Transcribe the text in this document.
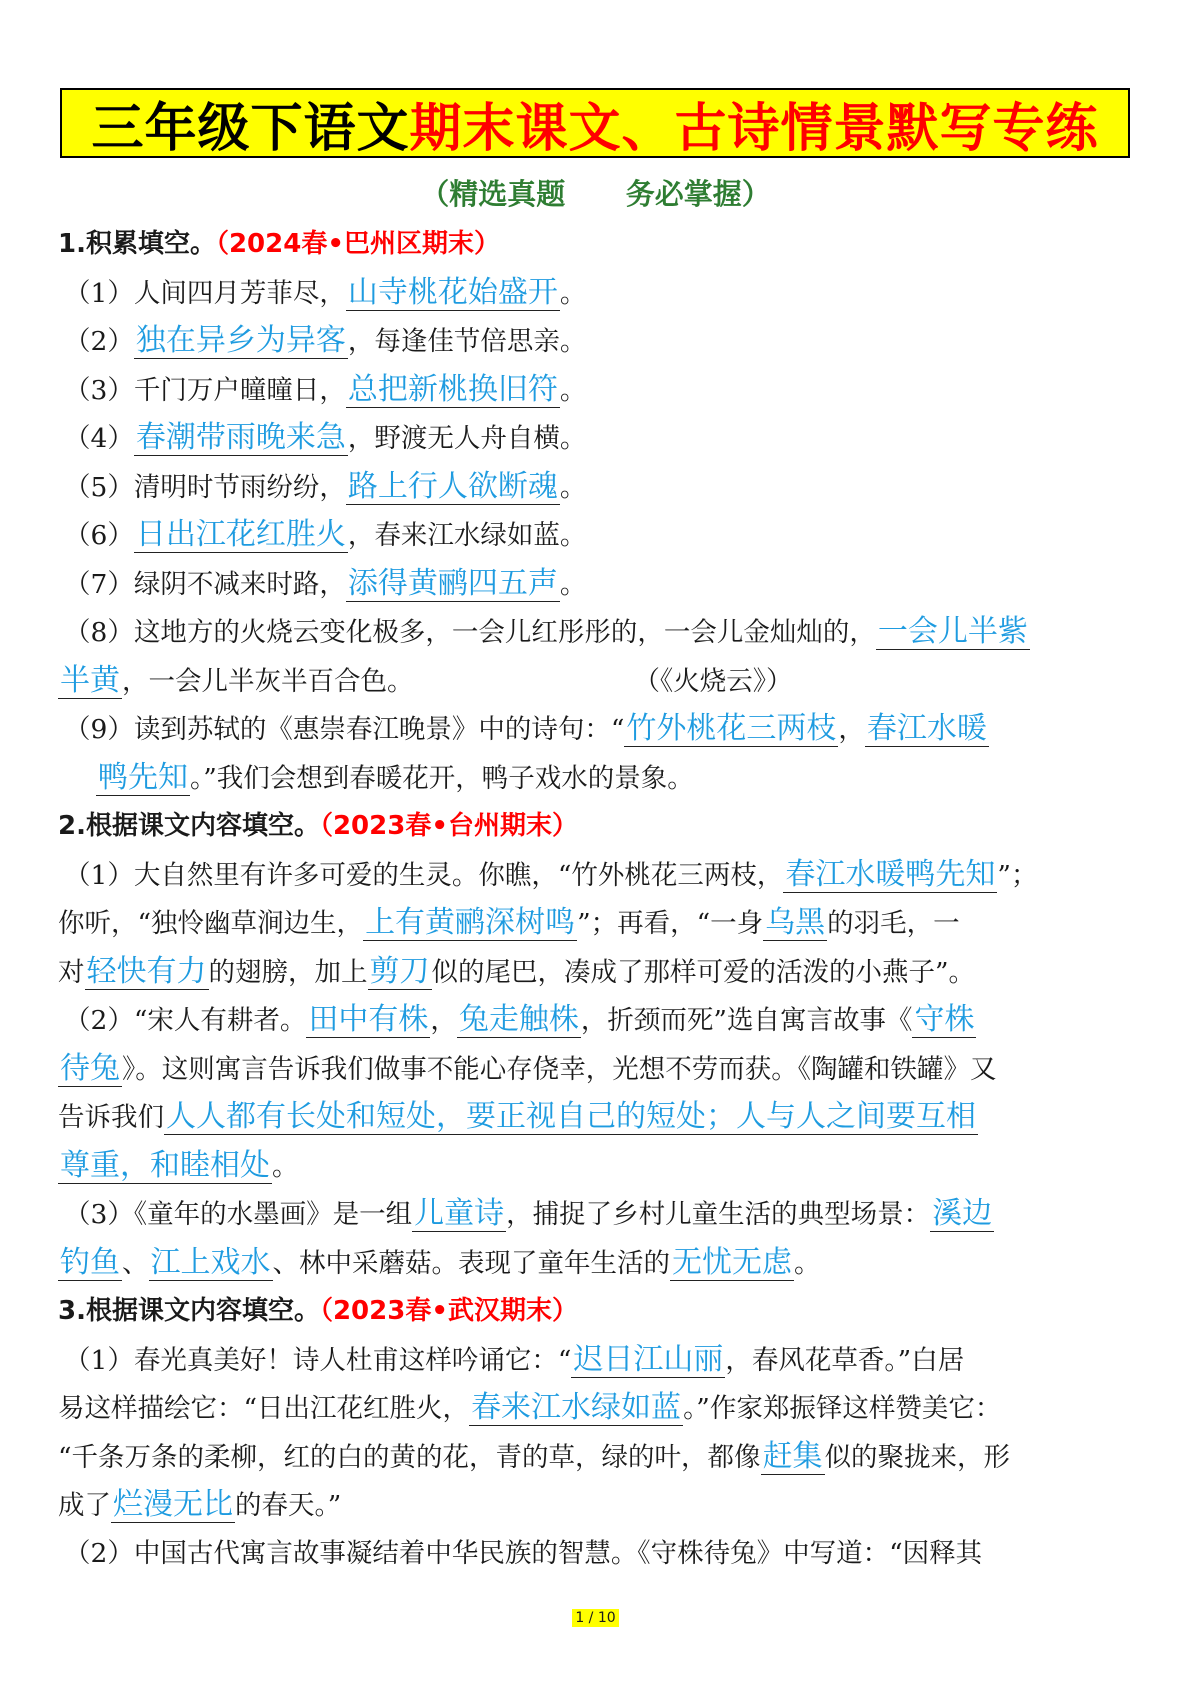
三年级下语文 期末课文、古诗情景默写专练
（精选真题      务必掌握）
1.积累填空。（2024春•巴州区期末）
（1）人间四月芳菲尽，山寺桃花始盛开。
（2）独在异乡为异客，每逢佳节倍思亲。
（3）千门万户曈曈日，总把新桃换旧符。
（4）春潮带雨晚来急，野渡无人舟自横。
（5）清明时节雨纷纷，路上行人欲断魂。
（6）日出江花红胜火，春来江水绿如蓝。
（7）绿阴不减来时路，添得黄鹂四五声。
（8）这地方的火烧云变化极多，一会儿红彤彤的，一会儿金灿灿的，一会儿半紫
半黄，一会儿半灰半百合色。	（《火烧云》）
（9）读到苏轼的《惠崇春江晚景》中的诗句：“竹外桃花三两枝，春江水暖
鸭先知。”我们会想到春暖花开，鸭子戏水的景象。
2.根据课文内容填空。（2023春•台州期末）
（1）大自然里有许多可爱的生灵。你瞧，“竹外桃花三两枝，春江水暖鸭先知”；
你听，“独怜幽草涧边生，上有黄鹂深树鸣”；再看，“一身乌黑的羽毛，一
对轻快有力的翅膀，加上剪刀似的尾巴，凑成了那样可爱的活泼的小燕子”。
（2）“宋人有耕者。田中有株，兔走触株，折颈而死”选自寓言故事《守株
待兔》。这则寓言告诉我们做事不能心存侥幸，光想不劳而获。《陶罐和铁罐》又
告诉我们人人都有长处和短处，要正视自己的短处；人与人之间要互相
尊重，和睦相处。
（3）《童年的水墨画》是一组儿童诗，捕捉了乡村儿童生活的典型场景：溪边
钓鱼、江上戏水、林中采蘑菇。表现了童年生活的无忧无虑。
3.根据课文内容填空。（2023春•武汉期末）
（1）春光真美好！诗人杜甫这样吟诵它：“迟日江山丽，春风花草香。”白居
易这样描绘它：“日出江花红胜火，春来江水绿如蓝。”作家郑振铎这样赞美它：
“千条万条的柔柳，红的白的黄的花，青的草，绿的叶，都像赶集似的聚拢来，形
成了烂漫无比的春天。”
（2）中国古代寓言故事凝结着中华民族的智慧。《守株待兔》中写道：“因释其
1 / 10
